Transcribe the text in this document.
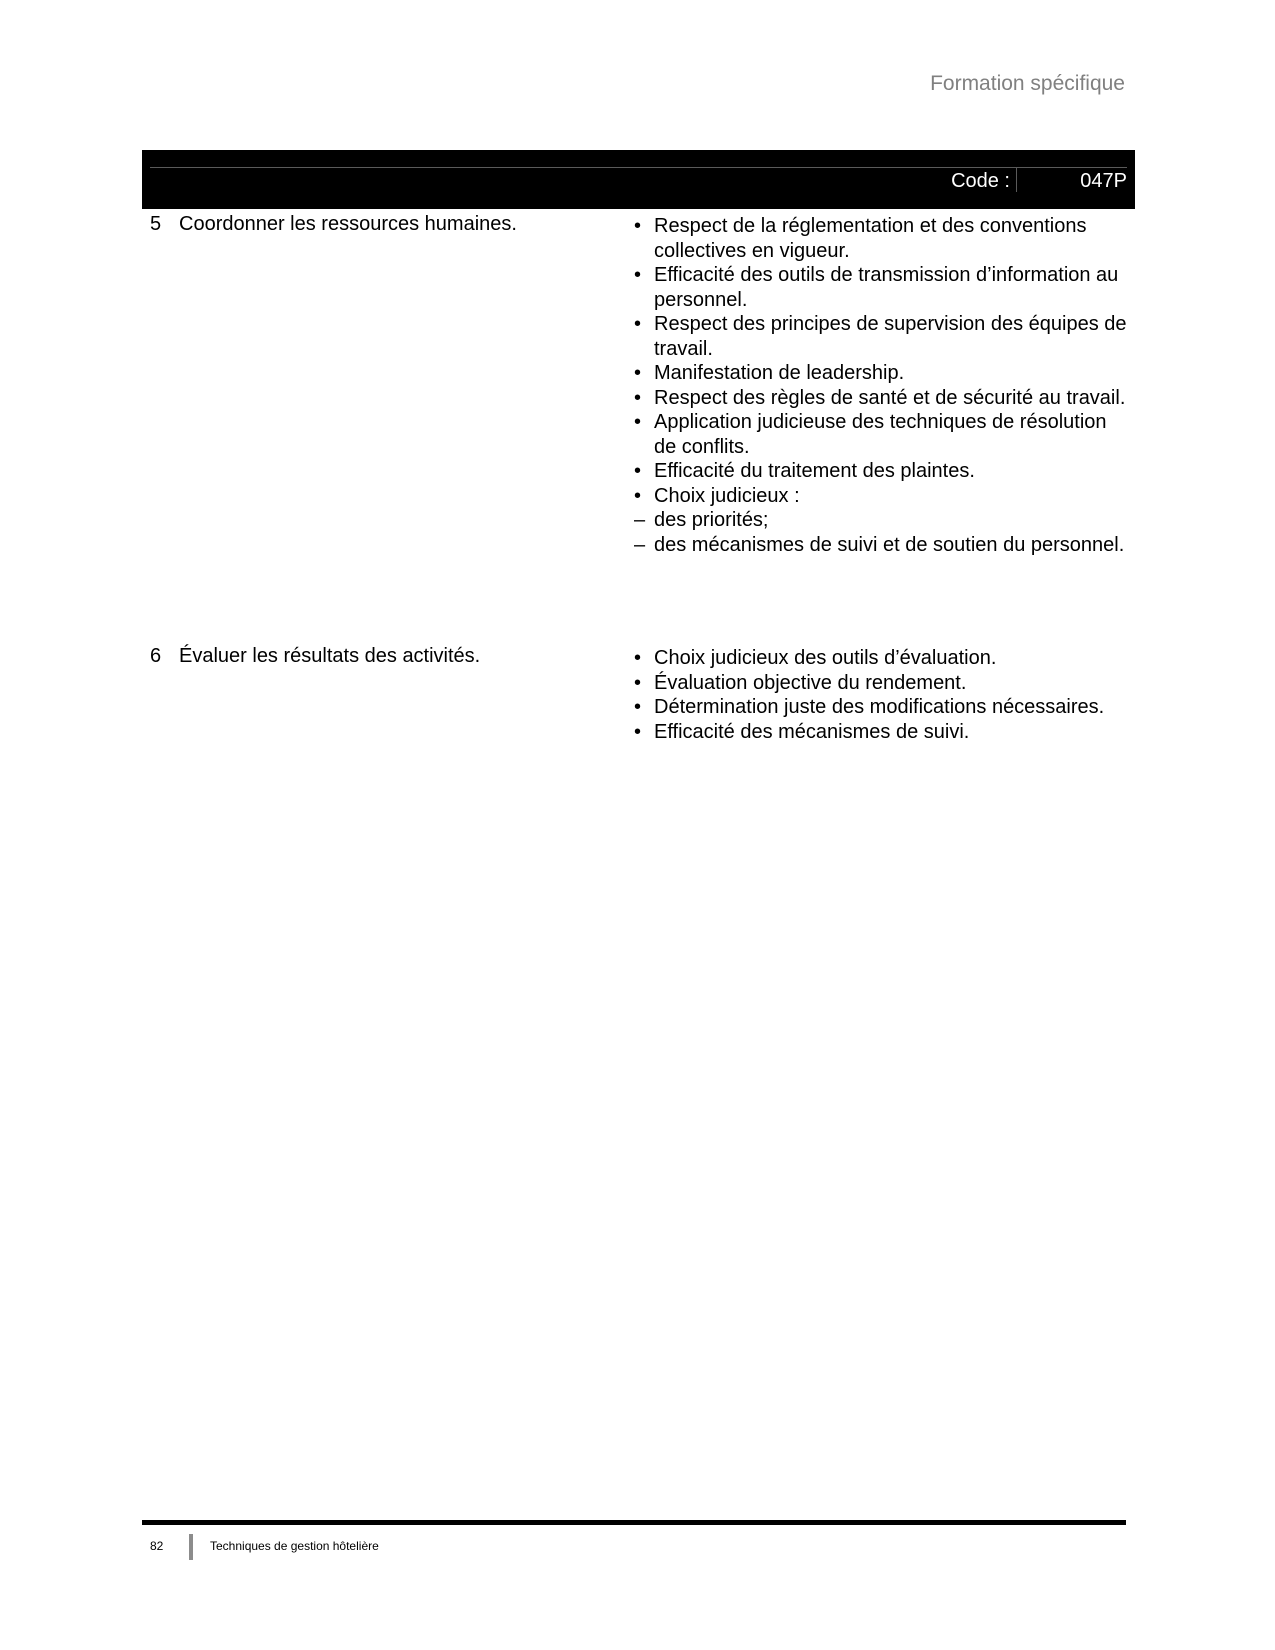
Formation spécifique
Code :	047P
5 Coordonner les ressources humaines.	• Respect de la réglementation et des conventions collectives en vigueur.
• Efficacité des outils de transmission d’information au personnel.
• Respect des principes de supervision des équipes de travail.
• Manifestation de leadership.
• Respect des règles de santé et de sécurité au travail.
• Application judicieuse des techniques de résolution de conflits.
• Efficacité du traitement des plaintes.
• Choix judicieux :
– des priorités;
– des mécanismes de suivi et de soutien du personnel.
6 Évaluer les résultats des activités.	• Choix judicieux des outils d’évaluation.
• Évaluation objective du rendement.
• Détermination juste des modifications nécessaires.
• Efficacité des mécanismes de suivi.
82	Techniques de gestion hôtelière
